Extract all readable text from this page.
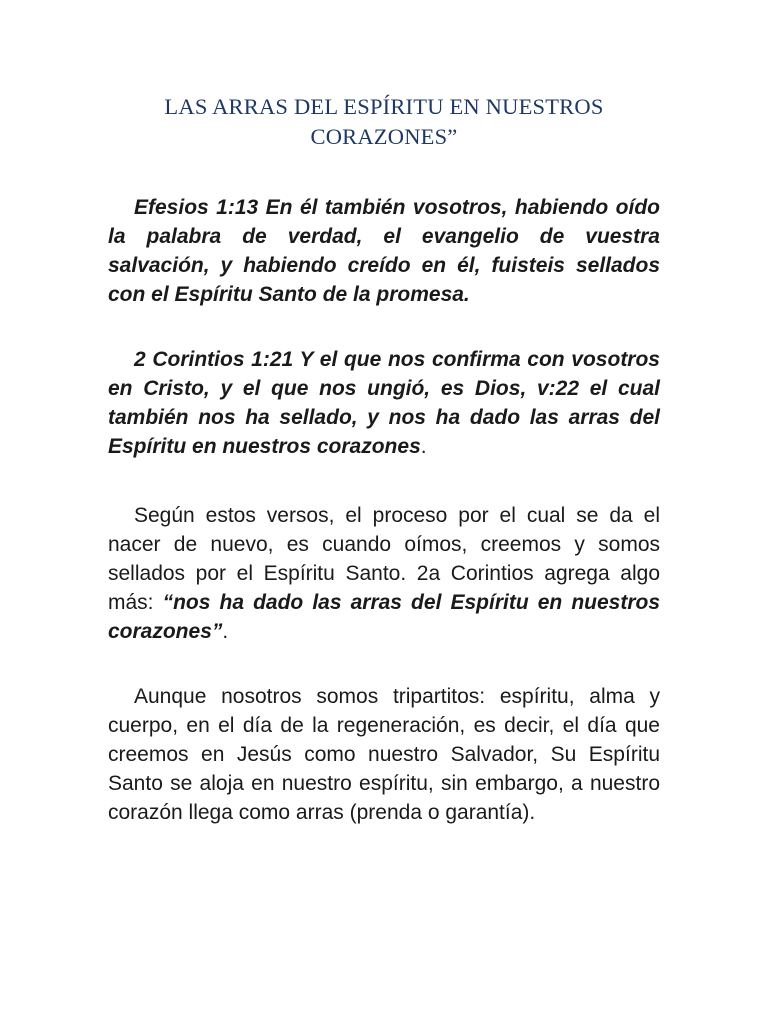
LAS ARRAS DEL ESPÍRITU EN NUESTROS CORAZONES”

Efesios 1:13 En él también vosotros, habiendo oído la palabra de verdad, el evangelio de vuestra salvación, y habiendo creído en él, fuisteis sellados con el Espíritu Santo de la promesa.

2 Corintios 1:21 Y el que nos confirma con vosotros en Cristo, y el que nos ungió, es Dios, v:22 el cual también nos ha sellado, y nos ha dado las arras del Espíritu en nuestros corazones.

Según estos versos, el proceso por el cual se da el nacer de nuevo, es cuando oímos, creemos y somos sellados por el Espíritu Santo. 2a Corintios agrega algo más: “nos ha dado las arras del Espíritu en nuestros corazones”.

Aunque nosotros somos tripartitos: espíritu, alma y cuerpo, en el día de la regeneración, es decir, el día que creemos en Jesús como nuestro Salvador, Su Espíritu Santo se aloja en nuestro espíritu, sin embargo, a nuestro corazón llega como arras (prenda o garantía).
